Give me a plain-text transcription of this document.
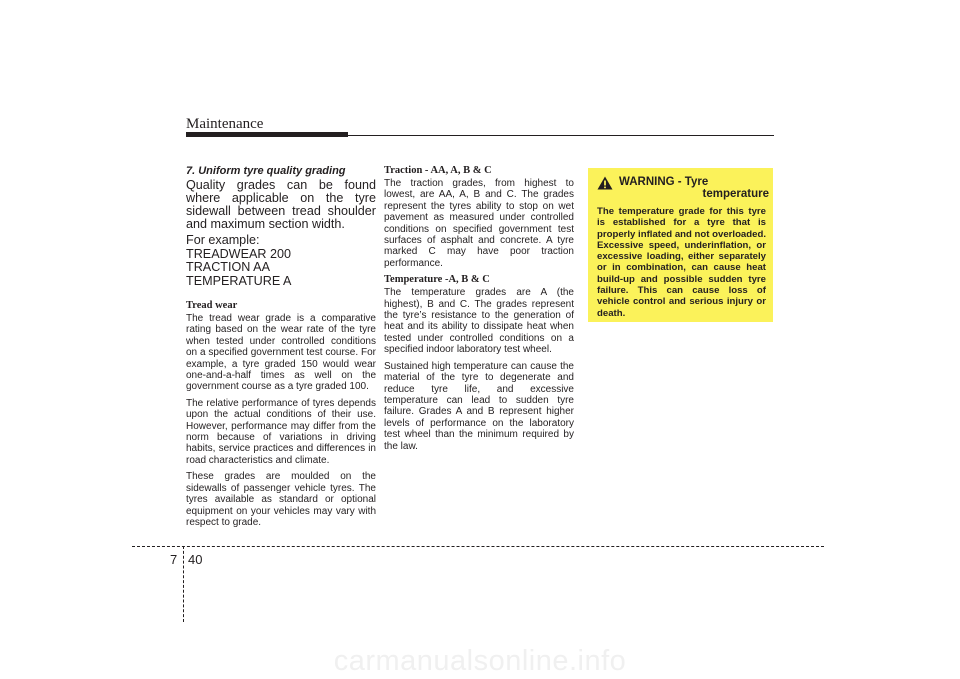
Maintenance
7. Uniform tyre quality grading
Quality grades can be found where applicable on the tyre sidewall between tread shoulder and maximum section width.
For example:
TREADWEAR 200
TRACTION AA
TEMPERATURE A
Tread wear

The tread wear grade is a comparative rating based on the wear rate of the tyre when tested under controlled conditions on a specified government test course. For example, a tyre graded 150 would wear one-and-a-half times as well on the government course as a tyre graded 100.

The relative performance of tyres depends upon the actual conditions of their use. However, performance may differ from the norm because of variations in driving habits, service practices and differences in road characteristics and climate.

These grades are moulded on the sidewalls of passenger vehicle tyres. The tyres available as standard or optional equipment on your vehicles may vary with respect to grade.

Traction - AA, A, B & C

The traction grades, from highest to lowest, are AA, A, B and C. The grades represent the tyres ability to stop on wet pavement as measured under controlled conditions on specified government test surfaces of asphalt and concrete. A tyre marked C may have poor traction performance.

Temperature -A, B & C

The temperature grades are A (the highest), B and C. The grades represent the tyre’s resistance to the generation of heat and its ability to dissipate heat when tested under controlled conditions on a specified indoor laboratory test wheel.

Sustained high temperature can cause the material of the tyre to degenerate and reduce tyre life, and excessive temperature can lead to sudden tyre failure. Grades A and B represent higher levels of performance on the laboratory test wheel than the minimum required by the law.

WARNING - Tyre
temperature

The temperature grade for this tyre is established for a tyre that is properly inflated and not overloaded. Excessive speed, underinflation, or excessive loading, either separately or in combination, can cause heat build-up and possible sudden tyre failure. This can cause loss of vehicle control and serious injury or death.

7 40
carmanualsonline.info
